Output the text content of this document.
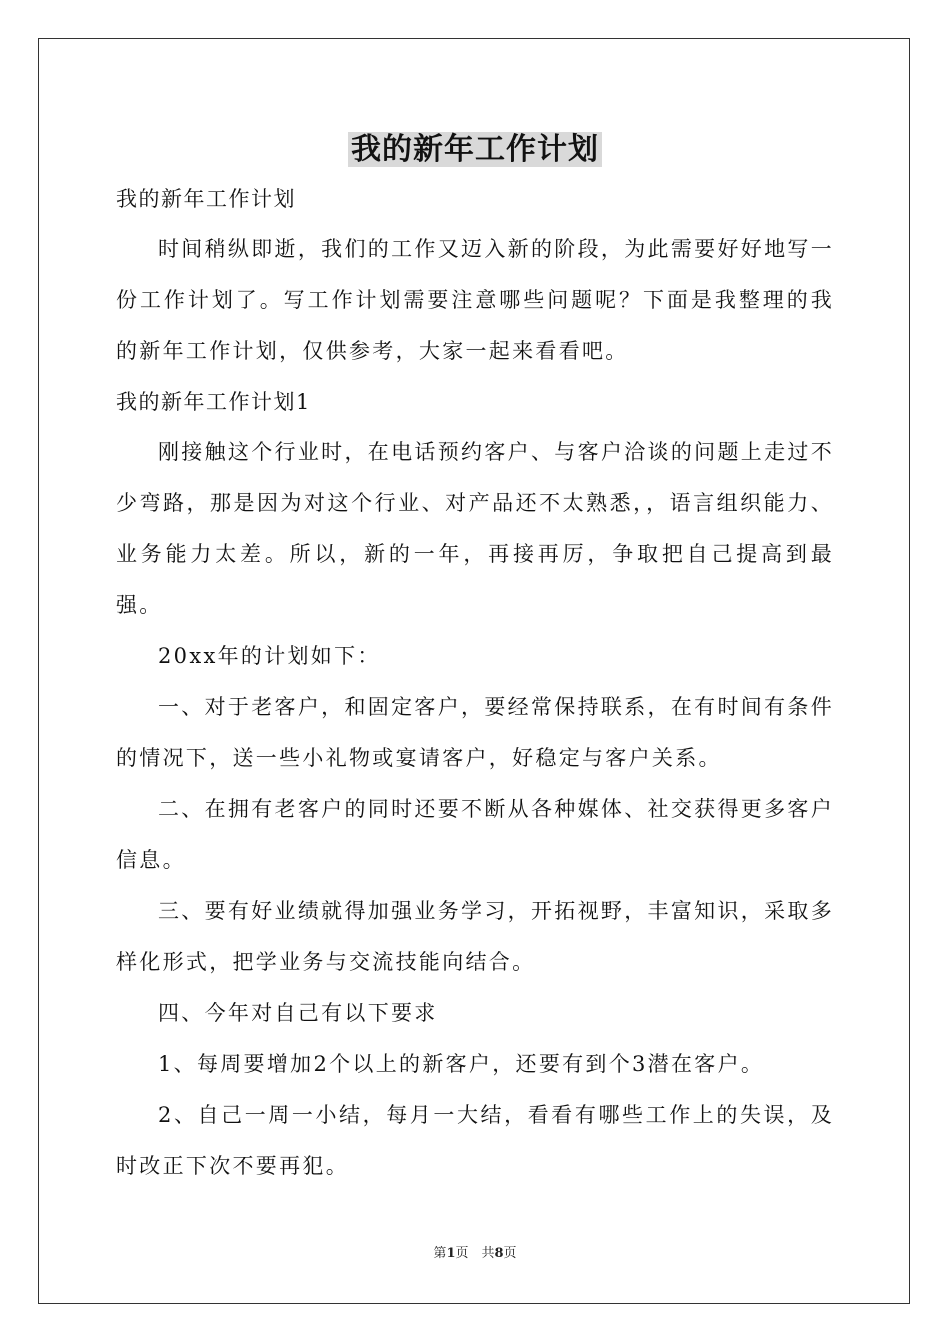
我的新年工作计划

我的新年工作计划

时间稍纵即逝，我们的工作又迈入新的阶段，为此需要好好地写一份工作计划了。写工作计划需要注意哪些问题呢？下面是我整理的我的新年工作计划，仅供参考，大家一起来看看吧。

我的新年工作计划1

刚接触这个行业时，在电话预约客户、与客户洽谈的问题上走过不少弯路，那是因为对这个行业、对产品还不太熟悉，，语言组织能力、业务能力太差。所以，新的一年，再接再厉，争取把自己提高到最强。

20xx年的计划如下：

一、对于老客户，和固定客户，要经常保持联系，在有时间有条件的情况下，送一些小礼物或宴请客户，好稳定与客户关系。

二、在拥有老客户的同时还要不断从各种媒体、社交获得更多客户信息。

三、要有好业绩就得加强业务学习，开拓视野，丰富知识，采取多样化形式，把学业务与交流技能向结合。

四、今年对自己有以下要求

1、每周要增加2个以上的新客户，还要有到个3潜在客户。

2、自己一周一小结，每月一大结，看看有哪些工作上的失误，及时改正下次不要再犯。

第1页　共8页
